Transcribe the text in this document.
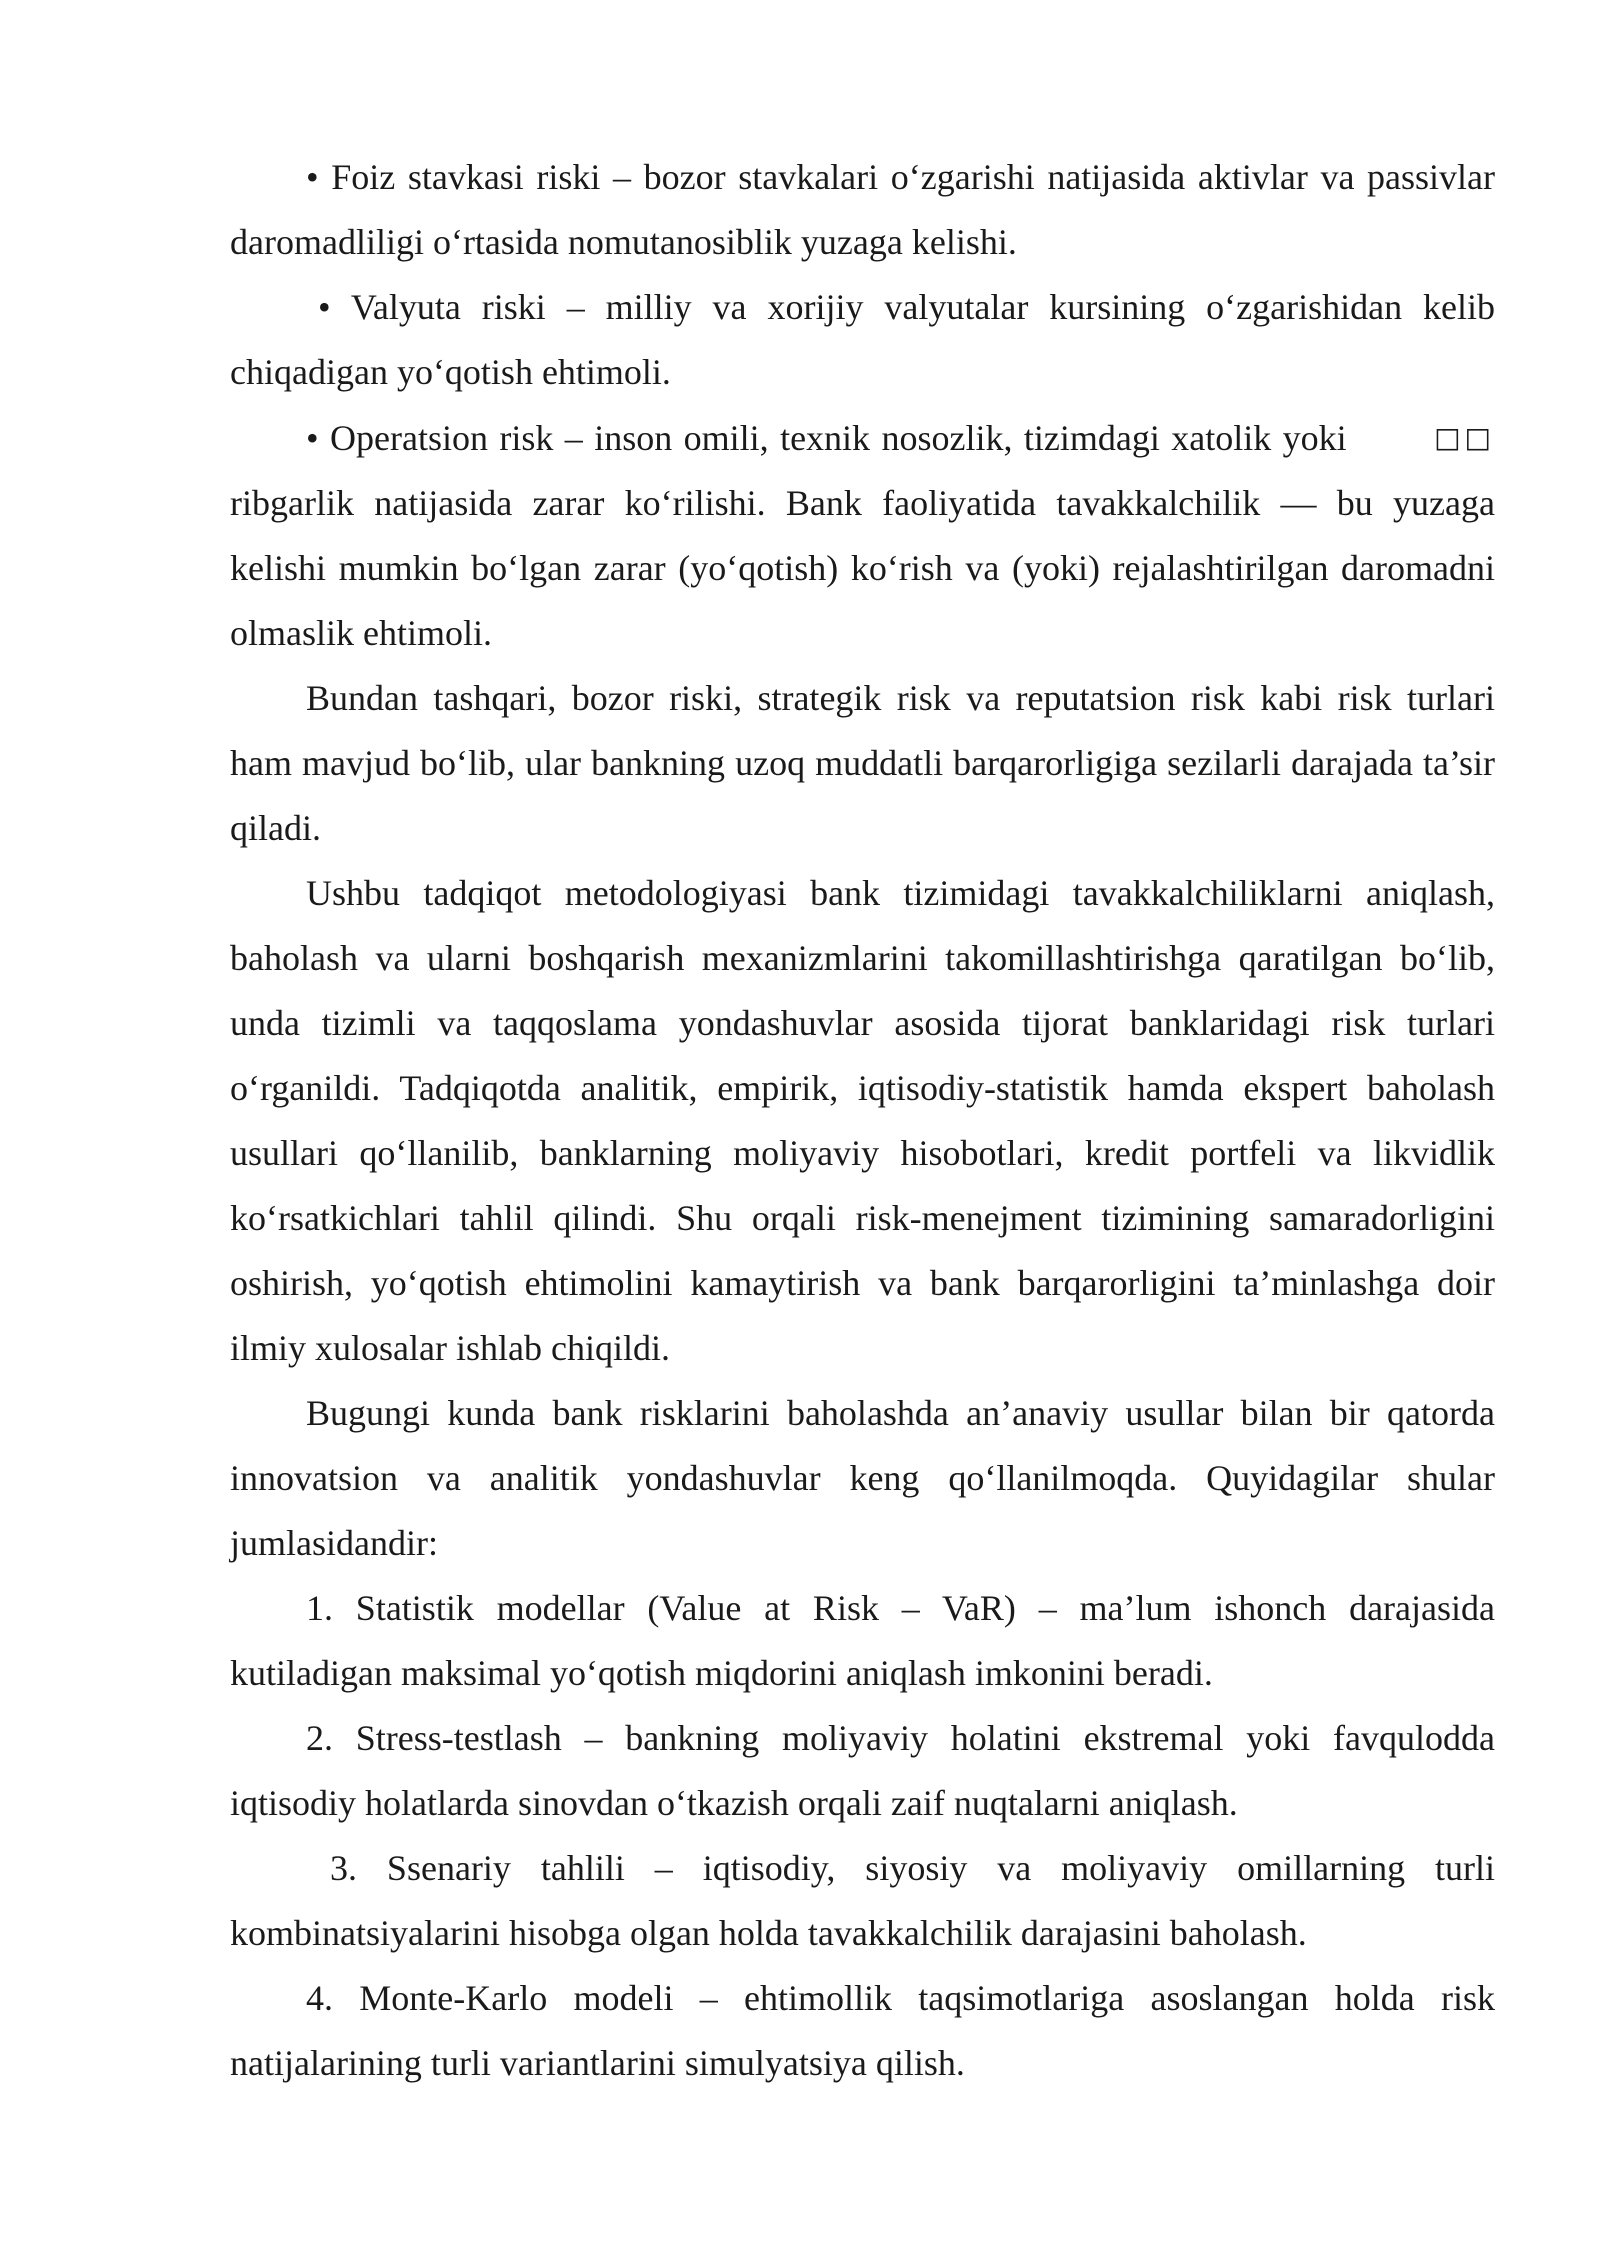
• Foiz stavkasi riski – bozor stavkalari oʻzgarishi natijasida aktivlar va passivlar daromadliligi oʻrtasida nomutanosiblik yuzaga kelishi.

• Valyuta riski – milliy va xorijiy valyutalar kursining oʻzgarishidan kelib chiqadigan yoʻqotish ehtimoli.

• Operatsion risk – inson omili, texnik nosozlik, tizimdagi xatolik yoki	□□ ribgarlik natijasida zarar koʻrilishi. Bank faoliyatida tavakkalchilik — bu yuzaga kelishi mumkin boʻlgan zarar (yoʻqotish) koʻrish va (yoki) rejalashtirilgan daromadni olmaslik ehtimoli.

Bundan tashqari, bozor riski, strategik risk va reputatsion risk kabi risk turlari ham mavjud boʻlib, ular bankning uzoq muddatli barqarorligiga sezilarli darajada ta’sir qiladi.

Ushbu tadqiqot metodologiyasi bank tizimidagi tavakkalchiliklarni aniqlash, baholash va ularni boshqarish mexanizmlarini takomillashtirishga qaratilgan boʻlib, unda tizimli va taqqoslama yondashuvlar asosida tijorat banklaridagi risk turlari oʻrganildi. Tadqiqotda analitik, empirik, iqtisodiy-statistik hamda ekspert baholash usullari qoʻllanilib, banklarning moliyaviy hisobotlari, kredit portfeli va likvidlik koʻrsatkichlari tahlil qilindi. Shu orqali risk-menejment tizimining samaradorligini oshirish, yoʻqotish ehtimolini kamaytirish va bank barqarorligini ta’minlashga doir ilmiy xulosalar ishlab chiqildi.

Bugungi kunda bank risklarini baholashda an’anaviy usullar bilan bir qatorda innovatsion va analitik yondashuvlar keng qoʻllanilmoqda. Quyidagilar shular jumlasidandir:

1. Statistik modellar (Value at Risk – VaR) – ma’lum ishonch darajasida kutiladigan maksimal yoʻqotish miqdorini aniqlash imkonini beradi.

2. Stress-testlash – bankning moliyaviy holatini ekstremal yoki favqulodda iqtisodiy holatlarda sinovdan oʻtkazish orqali zaif nuqtalarni aniqlash.

3. Ssenariy tahlili – iqtisodiy, siyosiy va moliyaviy omillarning turli kombinatsiyalarini hisobga olgan holda tavakkalchilik darajasini baholash.

4. Monte-Karlo modeli – ehtimollik taqsimotlariga asoslangan holda risk natijalarining turli variantlarini simulyatsiya qilish.
